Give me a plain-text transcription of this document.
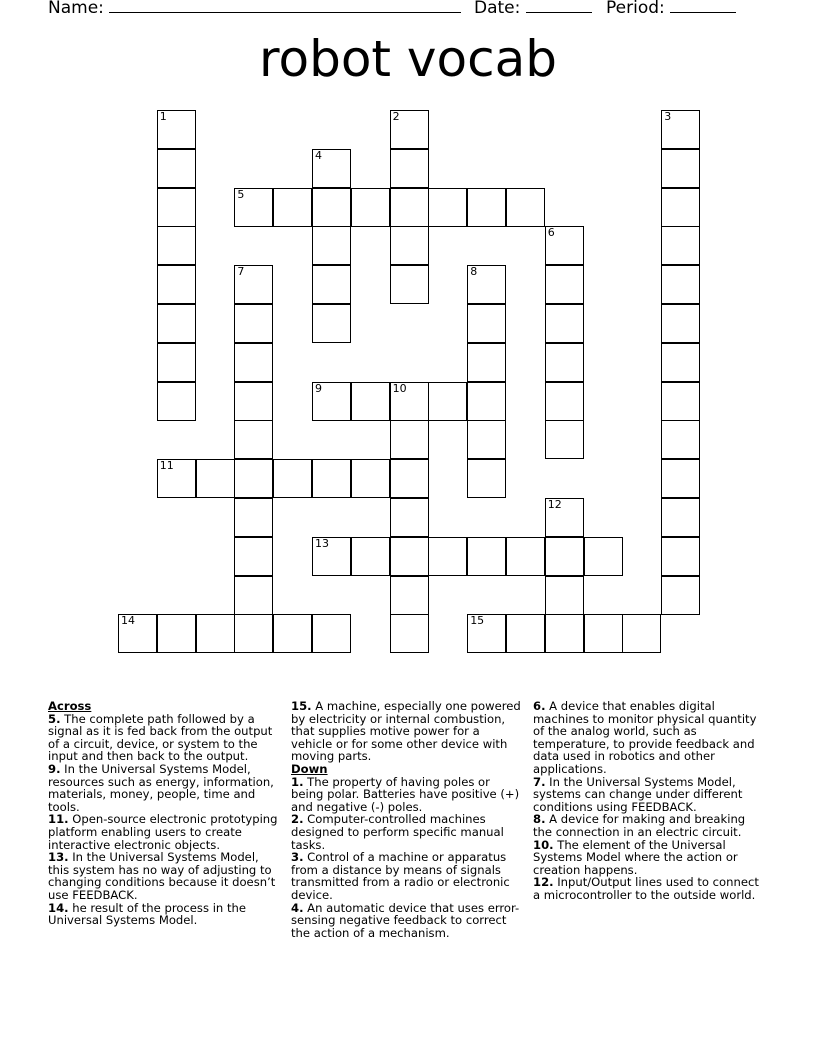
Name:	Date:	Period:
robot vocab
1	2	3
4
5
6
7	8
9	10
11
12
13
14	15
Across
5. The complete path followed by a signal as it is fed back from the output of a circuit, device, or system to the input and then back to the output.
9. In the Universal Systems Model, resources such as energy, information, materials, money, people, time and tools.
11. Open-source electronic prototyping platform enabling users to create interactive electronic objects.
13. In the Universal Systems Model, this system has no way of adjusting to changing conditions because it doesn’t use FEEDBACK.
14. he result of the process in the Universal Systems Model.
15. A machine, especially one powered by electricity or internal combustion, that supplies motive power for a vehicle or for some other device with moving parts.
Down
1. The property of having poles or being polar. Batteries have positive (+) and negative (-) poles.
2. Computer-controlled machines designed to perform specific manual tasks.
3. Control of a machine or apparatus from a distance by means of signals transmitted from a radio or electronic device.
4. An automatic device that uses error-sensing negative feedback to correct the action of a mechanism.
6. A device that enables digital machines to monitor physical quantity of the analog world, such as temperature, to provide feedback and data used in robotics and other applications.
7. In the Universal Systems Model, systems can change under different conditions using FEEDBACK.
8. A device for making and breaking the connection in an electric circuit.
10. The element of the Universal Systems Model where the action or creation happens.
12. Input/Output lines used to connect a microcontroller to the outside world.
